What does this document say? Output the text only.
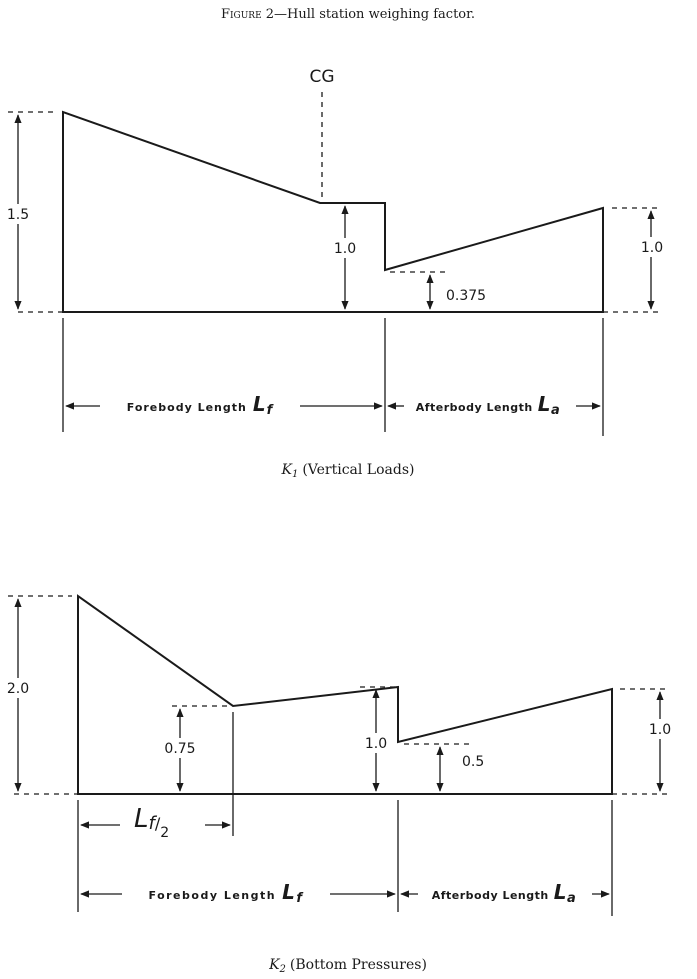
Figure 2—Hull station weighing factor.
CG
1.5
1.0
0.375
1.0
Forebody Length Lf	Afterbody Length La
$K_1$ (Vertical Loads)
2.0
0.75	1.0
0.5
1.0
$Lf/_2$
Forebody Length Lf	Afterbody Length La
$K_2$ (Bottom Pressures)
